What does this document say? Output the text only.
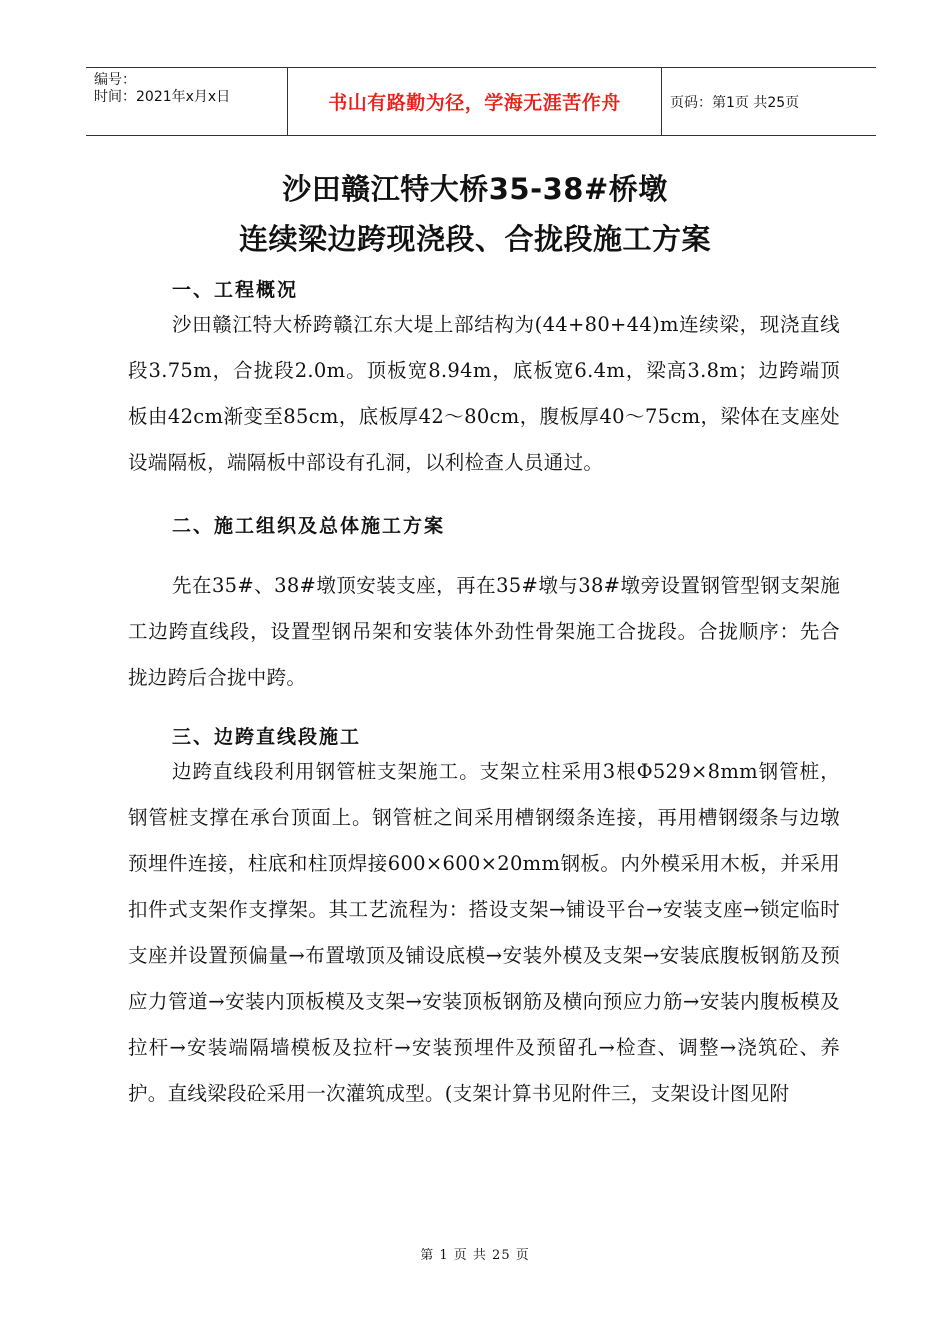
编号：
时间：2021年x月x日	书山有路勤为径，学海无涯苦作舟	页码：第1页 共25页
沙田赣江特大桥35-38#桥墩
连续梁边跨现浇段、合拢段施工方案
一、工程概况

沙田赣江特大桥跨赣江东大堤上部结构为(44+80+44)m连续梁，现浇直线段3.75m，合拢段2.0m。顶板宽8.94m，底板宽6.4m，梁高3.8m；边跨端顶板由42cm渐变至85cm，底板厚42～80cm，腹板厚40～75cm，梁体在支座处设端隔板，端隔板中部设有孔洞，以利检查人员通过。

二、施工组织及总体施工方案

先在35#、38#墩顶安装支座，再在35#墩与38#墩旁设置钢管型钢支架施工边跨直线段，设置型钢吊架和安装体外劲性骨架施工合拢段。合拢顺序：先合拢边跨后合拢中跨。

三、边跨直线段施工

边跨直线段利用钢管桩支架施工。支架立柱采用3根Φ529×8mm钢管桩，钢管桩支撑在承台顶面上。钢管桩之间采用槽钢缀条连接，再用槽钢缀条与边墩预埋件连接，柱底和柱顶焊接600×600×20mm钢板。内外模采用木板，并采用扣件式支架作支撑架。其工艺流程为：搭设支架→铺设平台→安装支座→锁定临时支座并设置预偏量→布置墩顶及铺设底模→安装外模及支架→安装底腹板钢筋及预应力管道→安装内顶板模及支架→安装顶板钢筋及横向预应力筋→安装内腹板模及拉杆→安装端隔墙模板及拉杆→安装预埋件及预留孔→检查、调整→浇筑砼、养护。直线梁段砼采用一次灌筑成型。(支架计算书见附件三，支架设计图见附

第 1 页 共 25 页
